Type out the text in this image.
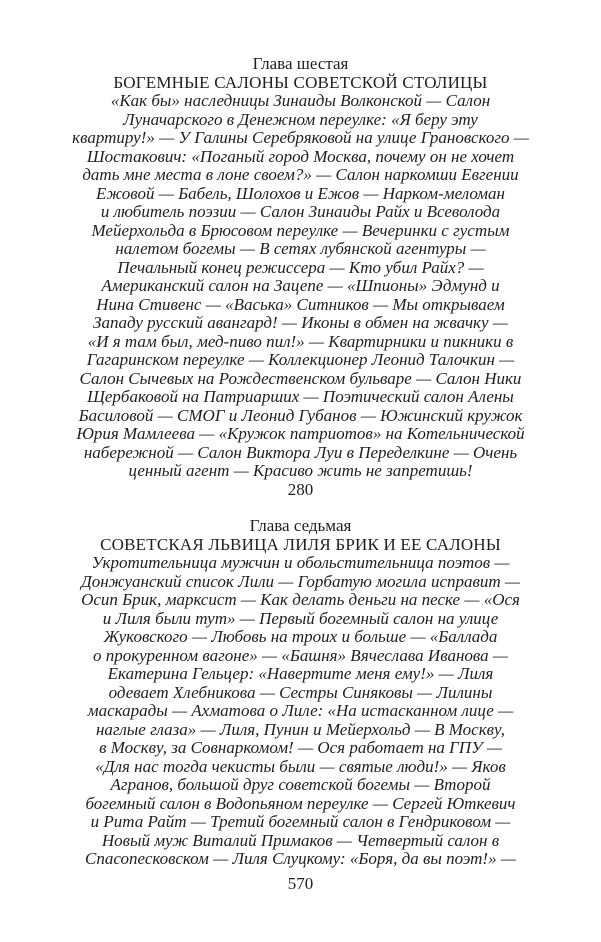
Глава шестая
БОГЕМНЫЕ САЛОНЫ СОВЕТСКОЙ СТОЛИЦЫ
«Как бы» наследницы Зинаиды Волконской — Салон
Луначарского в Денежном переулке: «Я беру эту
квартиру!» — У Галины Серебряковой на улице Грановского —
Шостакович: «Поганый город Москва, почему он не хочет
дать мне места в лоне своем?» — Салон наркомши Евгении
Ежовой — Бабель, Шолохов и Ежов — Нарком-меломан
и любитель поэзии — Салон Зинаиды Райх и Всеволода
Мейерхольда в Брюсовом переулке — Вечеринки с густым
налетом богемы — В сетях лубянской агентуры —
Печальный конец режиссера — Кто убил Райх? —
Американский салон на Зацепе — «Шпионы» Эдмунд и
Нина Стивенс — «Васька» Ситников — Мы открываем
Западу русский авангард! — Иконы в обмен на жвачку —
«И я там был, мед-пиво пил!» — Квартирники и пикники в
Гагаринском переулке — Коллекционер Леонид Талочкин —
Салон Сычевых на Рождественском бульваре — Салон Ники
Щербаковой на Патриарших — Поэтический салон Алены
Басиловой — СМОГ и Леонид Губанов — Южинский кружок
Юрия Мамлеева — «Кружок патриотов» на Котельнической
набережной — Салон Виктора Луи в Переделкине — Очень
ценный агент — Красиво жить не запретишь!
280
Глава седьмая
СОВЕТСКАЯ ЛЬВИЦА ЛИЛЯ БРИК И ЕЕ САЛОНЫ
Укротительница мужчин и обольстительница поэтов —
Донжуанский список Лили — Горбатую могила исправит —
Осип Брик, марксист — Как делать деньги на песке — «Ося
и Лиля были тут» — Первый богемный салон на улице
Жуковского — Любовь на троих и больше — «Баллада
о прокуренном вагоне» — «Башня» Вячеслава Иванова —
Екатерина Гельцер: «Навертите меня ему!» — Лиля
одевает Хлебникова — Сестры Синяковы — Лилины
маскарады — Ахматова о Лиле: «На истасканном лице —
наглые глаза» — Лиля, Пунин и Мейерхольд — В Москву,
в Москву, за Совнаркомом! — Ося работает на ГПУ —
«Для нас тогда чекисты были — святые люди!» — Яков
Агранов, большой друг советской богемы — Второй
богемный салон в Водопьяном переулке — Сергей Юткевич
и Рита Райт — Третий богемный салон в Гендриковом —
Новый муж Виталий Примаков — Четвертый салон в
Спасопесковском — Лиля Слуцкому: «Боря, да вы поэт!» —
570
